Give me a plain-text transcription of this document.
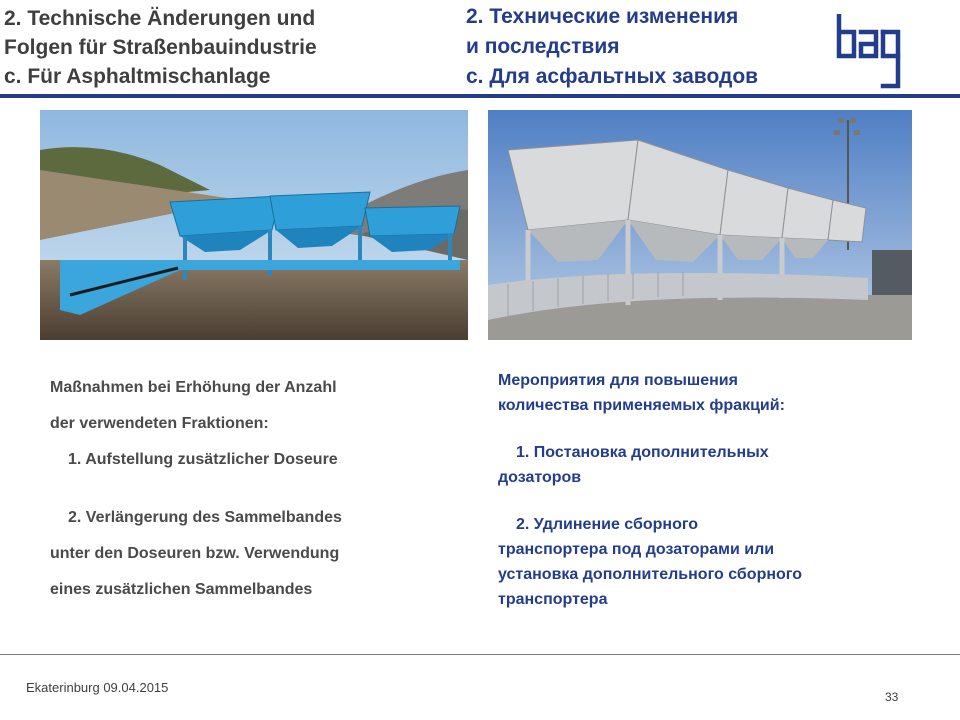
2. Technische Änderungen und
Folgen für Straßenbauindustrie
c. Für Asphaltmischanlage
2. Технические изменения
и последствия
с. Для асфальтных заводов

Maßnahmen bei Erhöhung der Anzahl

der verwendeten Fraktionen:

1. Aufstellung zusätzlicher Doseure

2. Verlängerung des Sammelbandes

unter den Doseuren bzw. Verwendung

eines zusätzlichen Sammelbandes

Мероприятия для повышения

количества применяемых фракций:

1. Постановка дополнительных

дозаторов

2. Удлинение сборного

транспортера под дозаторами или

установка дополнительного сборного

транспортера

Ekaterinburg 09.04.2015
33
